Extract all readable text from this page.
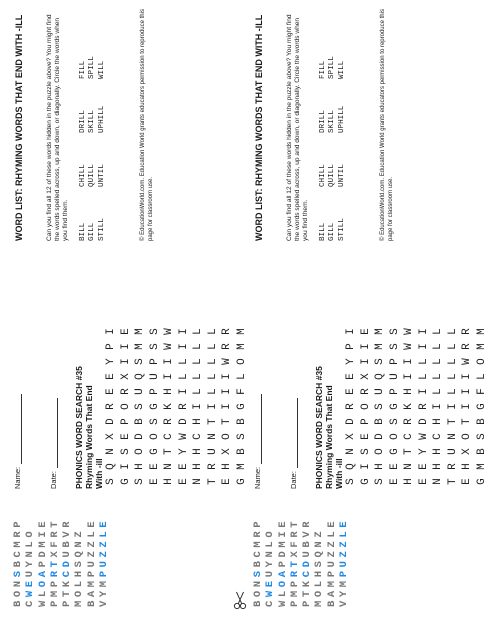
BONSBCMRP
CWEUYNLO
WLOAPDMIE
PMPRTXFRT
PTKCDUBVR
MOLHSQNZ
BAMPUZZLE
VYMPUZZLE
Name:	Date: PHONICS WORD SEARCH #35 Rhyming Words That End With -ill S	Q	N	X	D	R	E	E	Y	P	I
G	I	S	E	P	O	R	X	I	I	E
S	H	O	D	B	S	U	Q	S	M	M
E	E	G	O	S	G	P	U	P	S	S
H	N	T	C	R	K	H	I	I	W	W
E	E	Y	W	D	R	I	L	L	I	I
N	H	H	C	H	I	L	L	L	L	L
T	R	U	N	T	I	L	L	L	L	L
E	H	X	O	T	I	I	I	W	R	R
G	M	B	S	B	G	F	L	O	M	M
WORD LIST: RHYMING WORDS THAT END WITH -ILL	Can you find all 12 of these words hidden in the puzzle above? You might find the words spelled across, up and down, or diagonally. Circle the words when you find them. BILL	CHILL	DRILL	FILL
GILL	QUILL	SKILL	SPILL
STILL	UNTIL	UPHILL	WILL	© EducationWorld.com. Education World grants educators permission to reproduce this page for classroom use.
BONSBCMRP
CWEUYNLO
WLOAPDMIE
PMPRTXFRT
PTKCDUBVR
MOLHSQNZ
BAMPUZZLE
VYMPUZZLE
Name:	Date: PHONICS WORD SEARCH #35 Rhyming Words That End With -ill S	Q	N	X	D	R	E	E	Y	P	I
G	I	S	E	P	O	R	X	I	I	E
S	H	O	D	B	S	U	Q	S	M	M
E	E	G	O	S	G	P	U	P	S	S
H	N	T	C	R	K	H	I	I	W	W
E	E	Y	W	D	R	I	L	L	I	I
N	H	H	C	H	I	L	L	L	L	L
T	R	U	N	T	I	L	L	L	L	L
E	H	X	O	T	I	I	I	W	R	R
G	M	B	S	B	G	F	L	O	M	M
WORD LIST: RHYMING WORDS THAT END WITH -ILL	Can you find all 12 of these words hidden in the puzzle above? You might find the words spelled across, up and down, or diagonally. Circle the words when you find them. BILL	CHILL	DRILL	FILL
GILL	QUILL	SKILL	SPILL
STILL	UNTIL	UPHILL	WILL	© EducationWorld.com. Education World grants educators permission to reproduce this page for classroom use.
